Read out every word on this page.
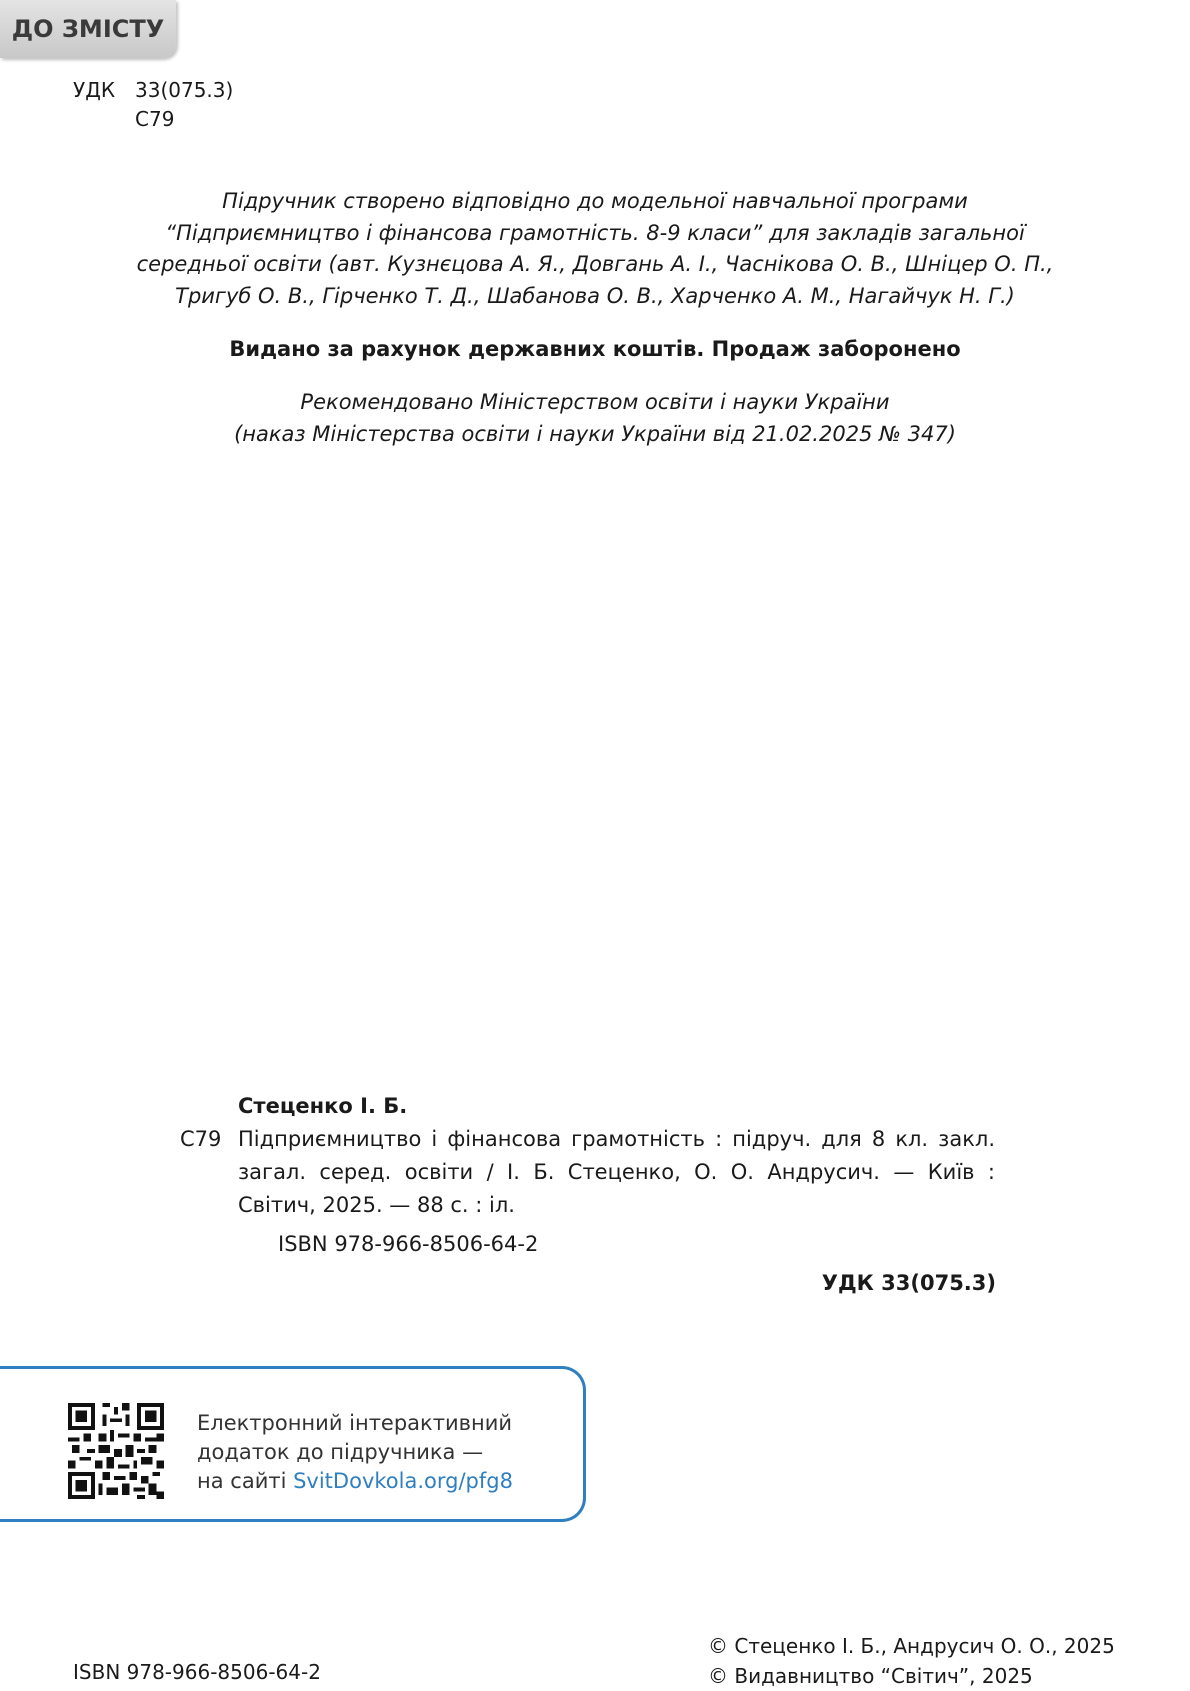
ДО ЗМІСТУ
УДК 33(075.3)
С79
Підручник створено відповідно до модельної навчальної програми
“Підприємництво і фінансова грамотність. 8-9 класи” для закладів загальної
середньої освіти (авт. Кузнєцова А. Я., Довгань А. І., Часнікова О. В., Шніцер О. П.,
Тригуб О. В., Гірченко Т. Д., Шабанова О. В., Харченко А. М., Нагайчук Н. Г.)
Видано за рахунок державних коштів. Продаж заборонено
Рекомендовано Міністерством освіти і науки України
(наказ Міністерства освіти і науки України від 21.02.2025 № 347)
Стеценко І. Б.
С79 Підприємництво і фінансова грамотність : підруч. для 8 кл. закл. загал. серед. освіти / І. Б. Стеценко, О. О. Андрусич. — Київ : Світич, 2025. — 88 с. : іл.
ISBN 978-966-8506-64-2
УДК 33(075.3)
Електронний інтерактивний
додаток до підручника —
на сайті SvitDovkola.org/pfg8
ISBN 978-966-8506-64-2
© Стеценко І. Б., Андрусич О. О., 2025
© Видавництво “Світич”, 2025
